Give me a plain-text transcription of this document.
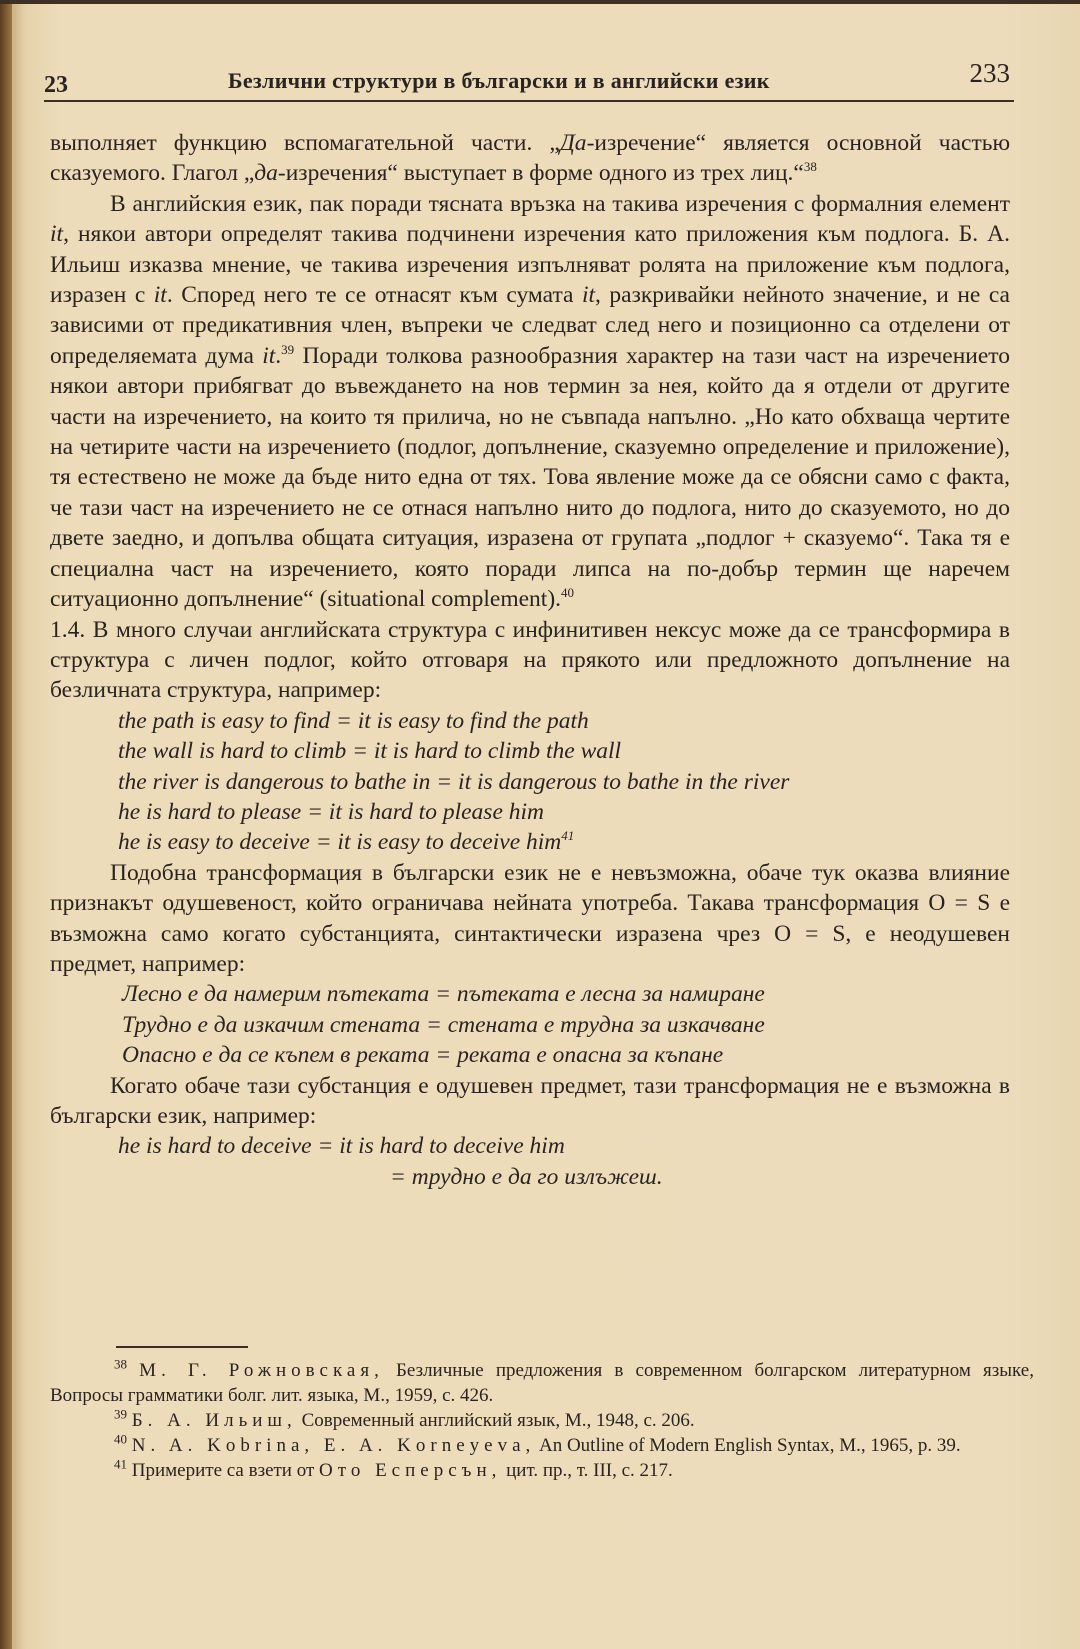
23	Безлични структури в български и в английски език	233

выполняет функцию вспомагательной части. „Да-изречение“ является основной частью сказуемого. Глагол „да-изречения“ выступает в форме одного из трех лиц.“$^{38}$

В английския език, пак поради тясната връзка на такива изречения с формалния елемент it, някои автори определят такива подчинени изречения като приложения към подлога. Б. А. Ильиш изказва мнение, че такива изречения изпълняват ролята на приложение към подлога, изразен с it. Според него те се отнасят към сумата it, разкривайки нейното значение, и не са зависими от предикативния член, въпреки че следват след него и позиционно са отделени от определяемата дума it.$^{39}$ Поради толкова разнообразния характер на тази част на изречението някои автори прибягват до въвеждането на нов термин за нея, който да я отдели от другите части на изречението, на които тя прилича, но не съвпада напълно. „Но като обхваща чертите на четирите части на изречението (подлог, допълнение, сказуемно определение и приложение), тя естествено не може да бъде нито една от тях. Това явление може да се обясни само с факта, че тази част на изречението не се отнася напълно нито до подлога, нито до сказуемото, но до двете заедно, и допълва общата ситуация, изразена от групата „подлог + сказуемо“. Така тя е специална част на изречението, която поради липса на по-добър термин ще наречем ситуационно допълнение“ (situational complement).$^{40}$

1.4. В много случаи английската структура с инфинитивен нексус може да се трансформира в структура с личен подлог, който отговаря на прякото или предложното допълнение на безличната структура, например:

the path is easy to find = it is easy to find the path

the wall is hard to climb = it is hard to climb the wall

the river is dangerous to bathe in = it is dangerous to bathe in the river

he is hard to please = it is hard to please him

he is easy to deceive = it is easy to deceive him$^{41}$

Подобна трансформация в български език не е невъзможна, обаче тук оказва влияние признакът одушевеност, който ограничава нейната употреба. Такава трансформация O = S е възможна само когато субстанцията, синтактически изразена чрез O = S, е неодушевен предмет, например:

Лесно е да намерим пътеката = пътеката е лесна за намиране

Трудно е да изкачим стената = стената е трудна за изкачване

Опасно е да се къпем в реката = реката е опасна за къпане

Когато обаче тази субстанция е одушевен предмет, тази трансформация не е възможна в български език, например:

he is hard to deceive = it is hard to deceive him

= трудно е да го излъжеш.

$^{38}$ М. Г. Рожновская, Безличные предложения в современном болгарском литературном языке, Вопросы грамматики болг. лит. языка, М., 1959, с. 426.

$^{39}$ Б. А. Ильиш, Современный английский язык, М., 1948, с. 206.

$^{40}$ N. A. Kobrina, E. A. Korneyeva, An Outline of Modern English Syntax, M., 1965, p. 39.

$^{41}$ Примерите са взети от Ото Есперсън, цит. пр., т. III, с. 217.
